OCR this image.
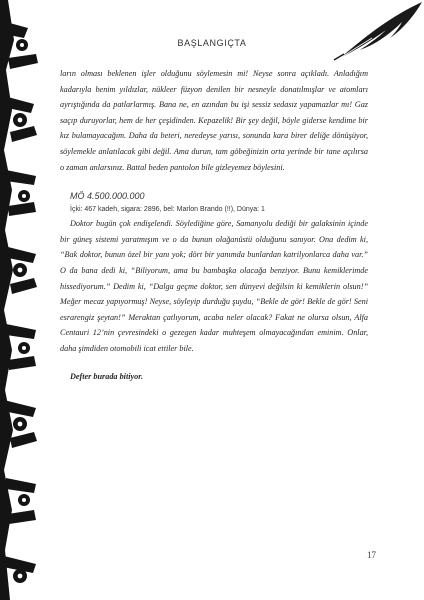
BAŞLANGIÇTA

ların olması beklenen işler olduğunu söylemesin mi! Neyse sonra açıkladı. Anladığım kadarıyla benim yıldızlar, nükleer füzyon denilen bir nesneyle donatılmışlar ve atomları ayrıştığında da patlarlarmış. Bana ne, en azından bu işi sessiz sedasız yapamazlar mı! Gaz saçıp duruyorlar, hem de her çeşidinden. Kepazelik! Bir şey değil, böyle giderse kendime bir kız bulamayacağım. Daha da beteri, neredeyse yarısı, sonunda kara birer deliğe dönüşüyor, söylemekle anlatılacak gibi değil. Ama durun, tam göbeğinizin orta yerinde bir tane açılırsa o zaman anlarsınız. Battal beden pantolon bile gizleyemez böylesini.

MÖ 4.500.000.000
İçki: 467 kadeh, sigara: 2896, bel: Marlon Brando (!!), Dünya: 1

Doktor bugün çok endişelendi. Söylediğine göre, Samanyolu dediği bir galaksinin içinde bir güneş sistemi yaratmışım ve o da bunun olağanüstü olduğunu sanıyor. Ona dedim ki, “Bak doktor, bunun özel bir yanı yok; dört bir yanımda bunlardan katrilyonlarca daha var.” O da bana dedi ki, “Biliyorum, ama bu bambaşka olacağa benziyor. Bunu kemiklerimde hissediyorum.” Dedim ki, “Dalga geçme doktor, sen dünyevi değilsin ki kemiklerin olsun!” Meğer mecaz yapıyormuş! Neyse, söyleyip durduğu şuydu, “Bekle de gör! Bekle de gör! Seni esrarengiz şeytan!” Meraktan çatlıyorum, acaba neler olacak? Fakat ne olursa olsun, Alfa Centauri 12’nin çevresindeki o gezegen kadar muhteşem olmayacağından eminim. Onlar, daha şimdiden otomobili icat ettiler bile.

Defter burada bitiyor.
17
